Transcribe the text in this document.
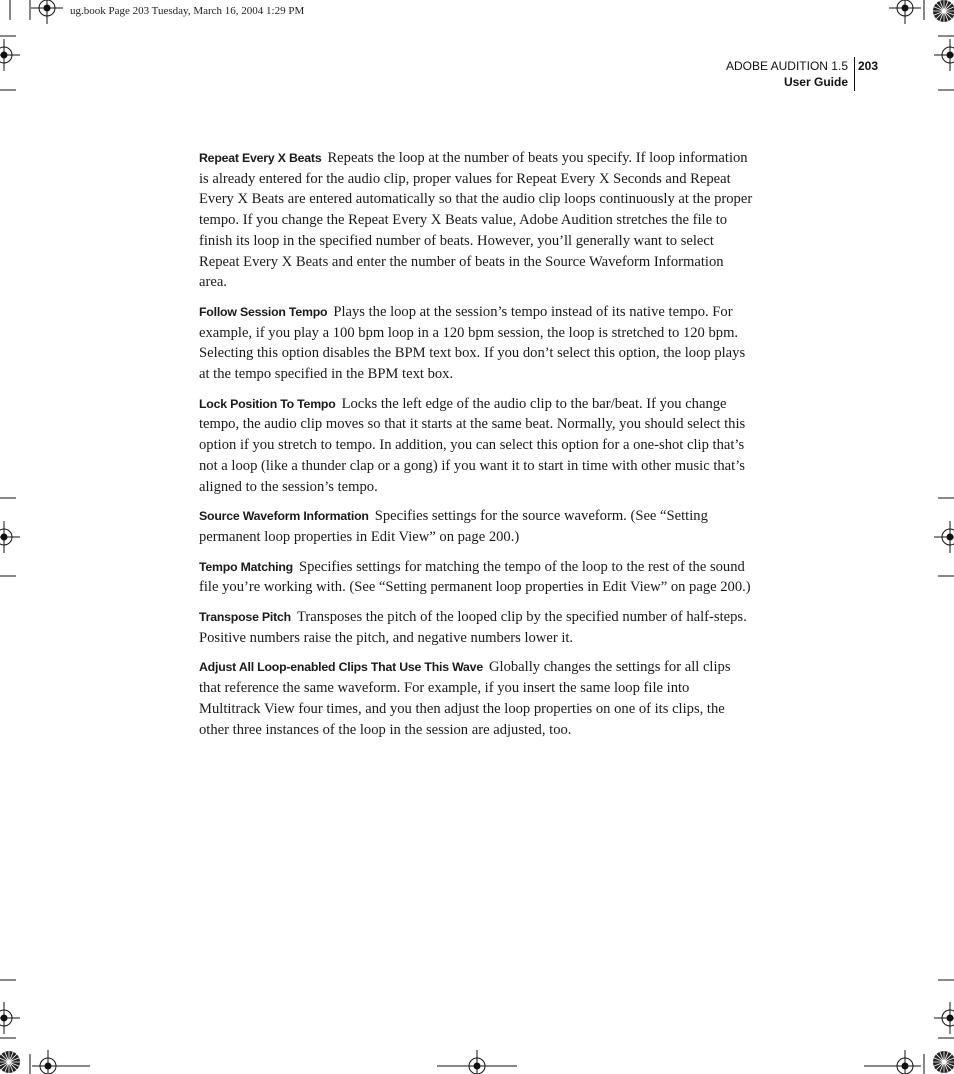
ug.book Page 203 Tuesday, March 16, 2004 1:29 PM
ADOBE AUDITION 1.5
User Guide
203

Repeat Every X Beats Repeats the loop at the number of beats you specify. If loop information is already entered for the audio clip, proper values for Repeat Every X Seconds and Repeat Every X Beats are entered automatically so that the audio clip loops continuously at the proper tempo. If you change the Repeat Every X Beats value, Adobe Audition stretches the file to finish its loop in the specified number of beats. However, you’ll generally want to select Repeat Every X Beats and enter the number of beats in the Source Waveform Information area.

Follow Session Tempo Plays the loop at the session’s tempo instead of its native tempo. For example, if you play a 100 bpm loop in a 120 bpm session, the loop is stretched to 120 bpm. Selecting this option disables the BPM text box. If you don’t select this option, the loop plays at the tempo specified in the BPM text box.

Lock Position To Tempo Locks the left edge of the audio clip to the bar/beat. If you change tempo, the audio clip moves so that it starts at the same beat. Normally, you should select this option if you stretch to tempo. In addition, you can select this option for a one-shot clip that’s not a loop (like a thunder clap or a gong) if you want it to start in time with other music that’s aligned to the session’s tempo.

Source Waveform Information Specifies settings for the source waveform. (See “Setting permanent loop properties in Edit View” on page 200.)

Tempo Matching Specifies settings for matching the tempo of the loop to the rest of the sound file you’re working with. (See “Setting permanent loop properties in Edit View” on page 200.)

Transpose Pitch Transposes the pitch of the looped clip by the specified number of half-steps. Positive numbers raise the pitch, and negative numbers lower it.

Adjust All Loop-enabled Clips That Use This Wave Globally changes the settings for all clips that reference the same waveform. For example, if you insert the same loop file into Multitrack View four times, and you then adjust the loop properties on one of its clips, the other three instances of the loop in the session are adjusted, too.
